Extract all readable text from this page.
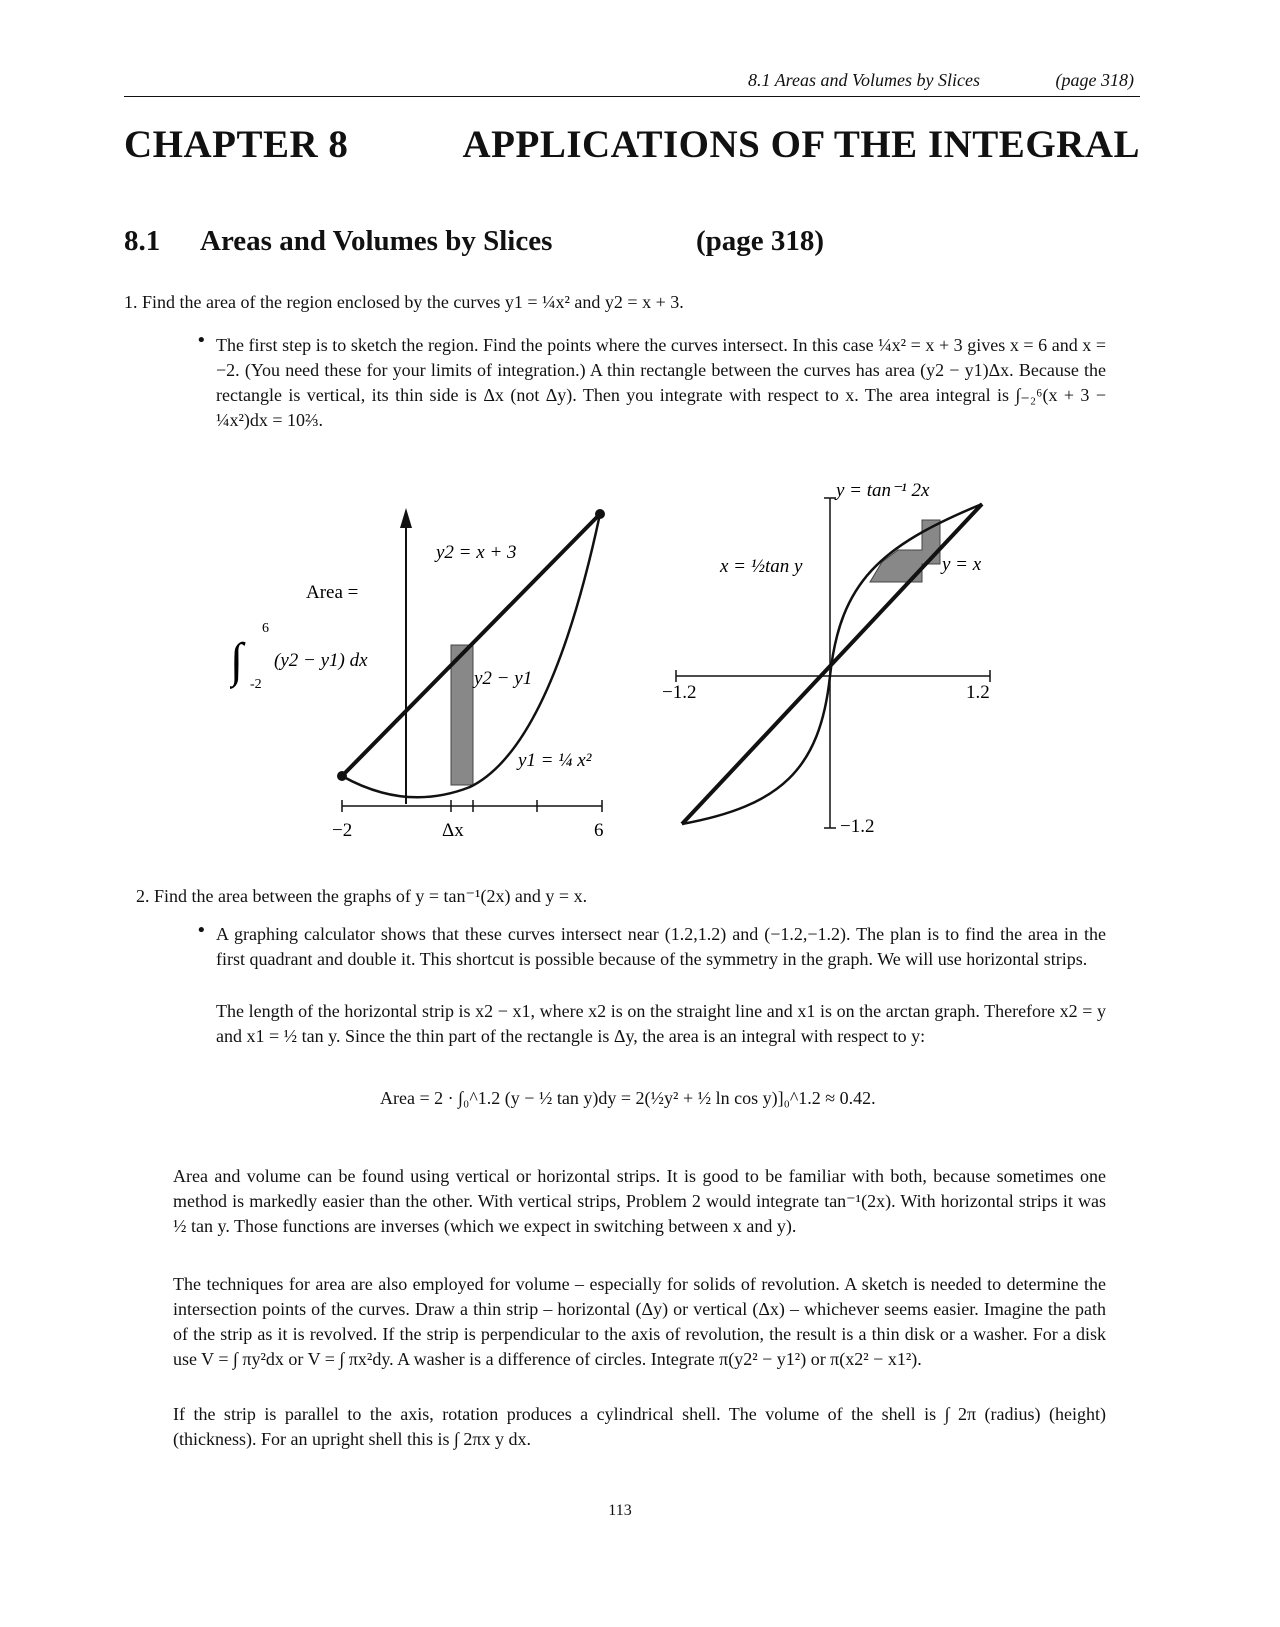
8.1 Areas and Volumes by Slices	(page 318)
CHAPTER 8	APPLICATIONS OF THE INTEGRAL
8.1 Areas and Volumes by Slices	(page 318)
1. Find the area of the region enclosed by the curves y1 = ¼x² and y2 = x + 3.
• The first step is to sketch the region. Find the points where the curves intersect. In this case ¼x² = x + 3 gives x = 6 and x = −2. (You need these for your limits of integration.) A thin rectangle between the curves has area (y2 − y1)Δx. Because the rectangle is vertical, its thin side is Δx (not Δy). Then you integrate with respect to x. The area integral is ∫₋₂⁶(x + 3 − ¼x²)dx = 10⅔.
y2 = x + 3
Area =
∫
6
-2
(y2 − y1) dx
y2 − y1
y1 = ¼ x²
−2	Δx	6
y = tan⁻¹ 2x
x = ½tan y	y = x
−1.2	1.2
−1.2
2. Find the area between the graphs of y = tan⁻¹(2x) and y = x.
• A graphing calculator shows that these curves intersect near (1.2,1.2) and (−1.2,−1.2). The plan is to find the area in the first quadrant and double it. This shortcut is possible because of the symmetry in the graph. We will use horizontal strips.
The length of the horizontal strip is x2 − x1, where x2 is on the straight line and x1 is on the arctan graph. Therefore x2 = y and x1 = ½ tan y. Since the thin part of the rectangle is Δy, the area is an integral with respect to y:
Area = 2 · ∫₀^1.2 (y − ½ tan y)dy = 2(½y² + ½ ln cos y)]₀^1.2 ≈ 0.42.
Area and volume can be found using vertical or horizontal strips. It is good to be familiar with both, because sometimes one method is markedly easier than the other. With vertical strips, Problem 2 would integrate tan⁻¹(2x). With horizontal strips it was ½ tan y. Those functions are inverses (which we expect in switching between x and y).
The techniques for area are also employed for volume – especially for solids of revolution. A sketch is needed to determine the intersection points of the curves. Draw a thin strip – horizontal (Δy) or vertical (Δx) – whichever seems easier. Imagine the path of the strip as it is revolved. If the strip is perpendicular to the axis of revolution, the result is a thin disk or a washer. For a disk use V = ∫ πy²dx or V = ∫ πx²dy. A washer is a difference of circles. Integrate π(y2² − y1²) or π(x2² − x1²).
If the strip is parallel to the axis, rotation produces a cylindrical shell. The volume of the shell is ∫ 2π (radius) (height) (thickness). For an upright shell this is ∫ 2πx y dx.
113
